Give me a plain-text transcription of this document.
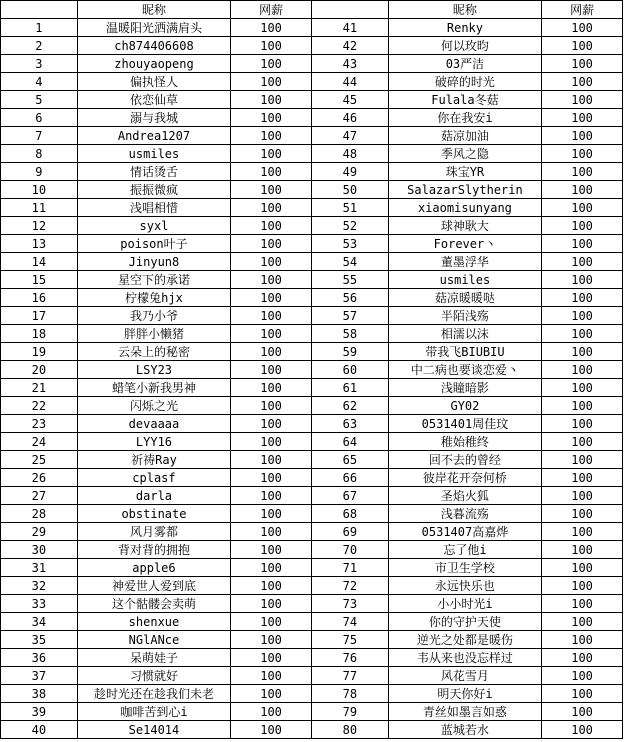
	昵称	网薪		昵称	网薪
1	温暖阳光洒满肩头	100	41	Renky	100
2	ch874406608	100	42	何以玫昀	100
3	zhouyaopeng	100	43	03严洁	100
4	偏执怪人	100	44	破碎的时光	100
5	依恋仙草	100	45	Fulala冬菇	100
6	溺与我城	100	46	你在我安i	100
7	Andrea1207	100	47	菇凉加油	100
8	usmiles	100	48	季风之隐	100
9	情话烫舌	100	49	珠宝YR	100
10	振振微疯	100	50	SalazarSlytherin	100
11	浅唱相惜	100	51	xiaomisunyang	100
12	syxl	100	52	球神耿大	100
13	poison叶子	100	53	Forever丶	100
14	Jinyun8	100	54	董墨浮华	100
15	星空下的承诺	100	55	usmiles	100
16	柠檬兔hjx	100	56	菇凉暖暖哒	100
17	我乃小爷	100	57	半陌浅殇	100
18	胖胖小懒猪	100	58	相濡以沫	100
19	云朵上的秘密	100	59	带我飞BIUBIU	100
20	LSY23	100	60	中二病也要谈恋爱丶	100
21	蜡笔小新我男神	100	61	浅瞳暗影	100
22	闪烁之光	100	62	GY02	100
23	devaaaa	100	63	0531401周佳玟	100
24	LYY16	100	64	稚始稚终	100
25	祈祷Ray	100	65	回不去的曾经	100
26	cplasf	100	66	彼岸花开奈何桥	100
27	darla	100	67	圣焰火狐	100
28	obstinate	100	68	浅暮流殇	100
29	风月雾都	100	69	0531407高嘉烨	100
30	背对背的拥抱	100	70	忘了他i	100
31	apple6	100	71	市卫生学校	100
32	神爱世人爱到底	100	72	永远快乐也	100
33	这个骷髅会卖萌	100	73	小小时光i	100
34	shenxue	100	74	你的守护天使	100
35	NGlANce	100	75	逆光之处都是暖伤	100
36	呆萌娃子	100	76	韦从来也没忘样过	100
37	习惯就好	100	77	风花雪月	100
38	趁时光还在趁我们未老	100	78	明天你好i	100
39	咖啡苦到心i	100	79	青丝如墨言如惑	100
40	Se14014	100	80	蓝城若水	100
